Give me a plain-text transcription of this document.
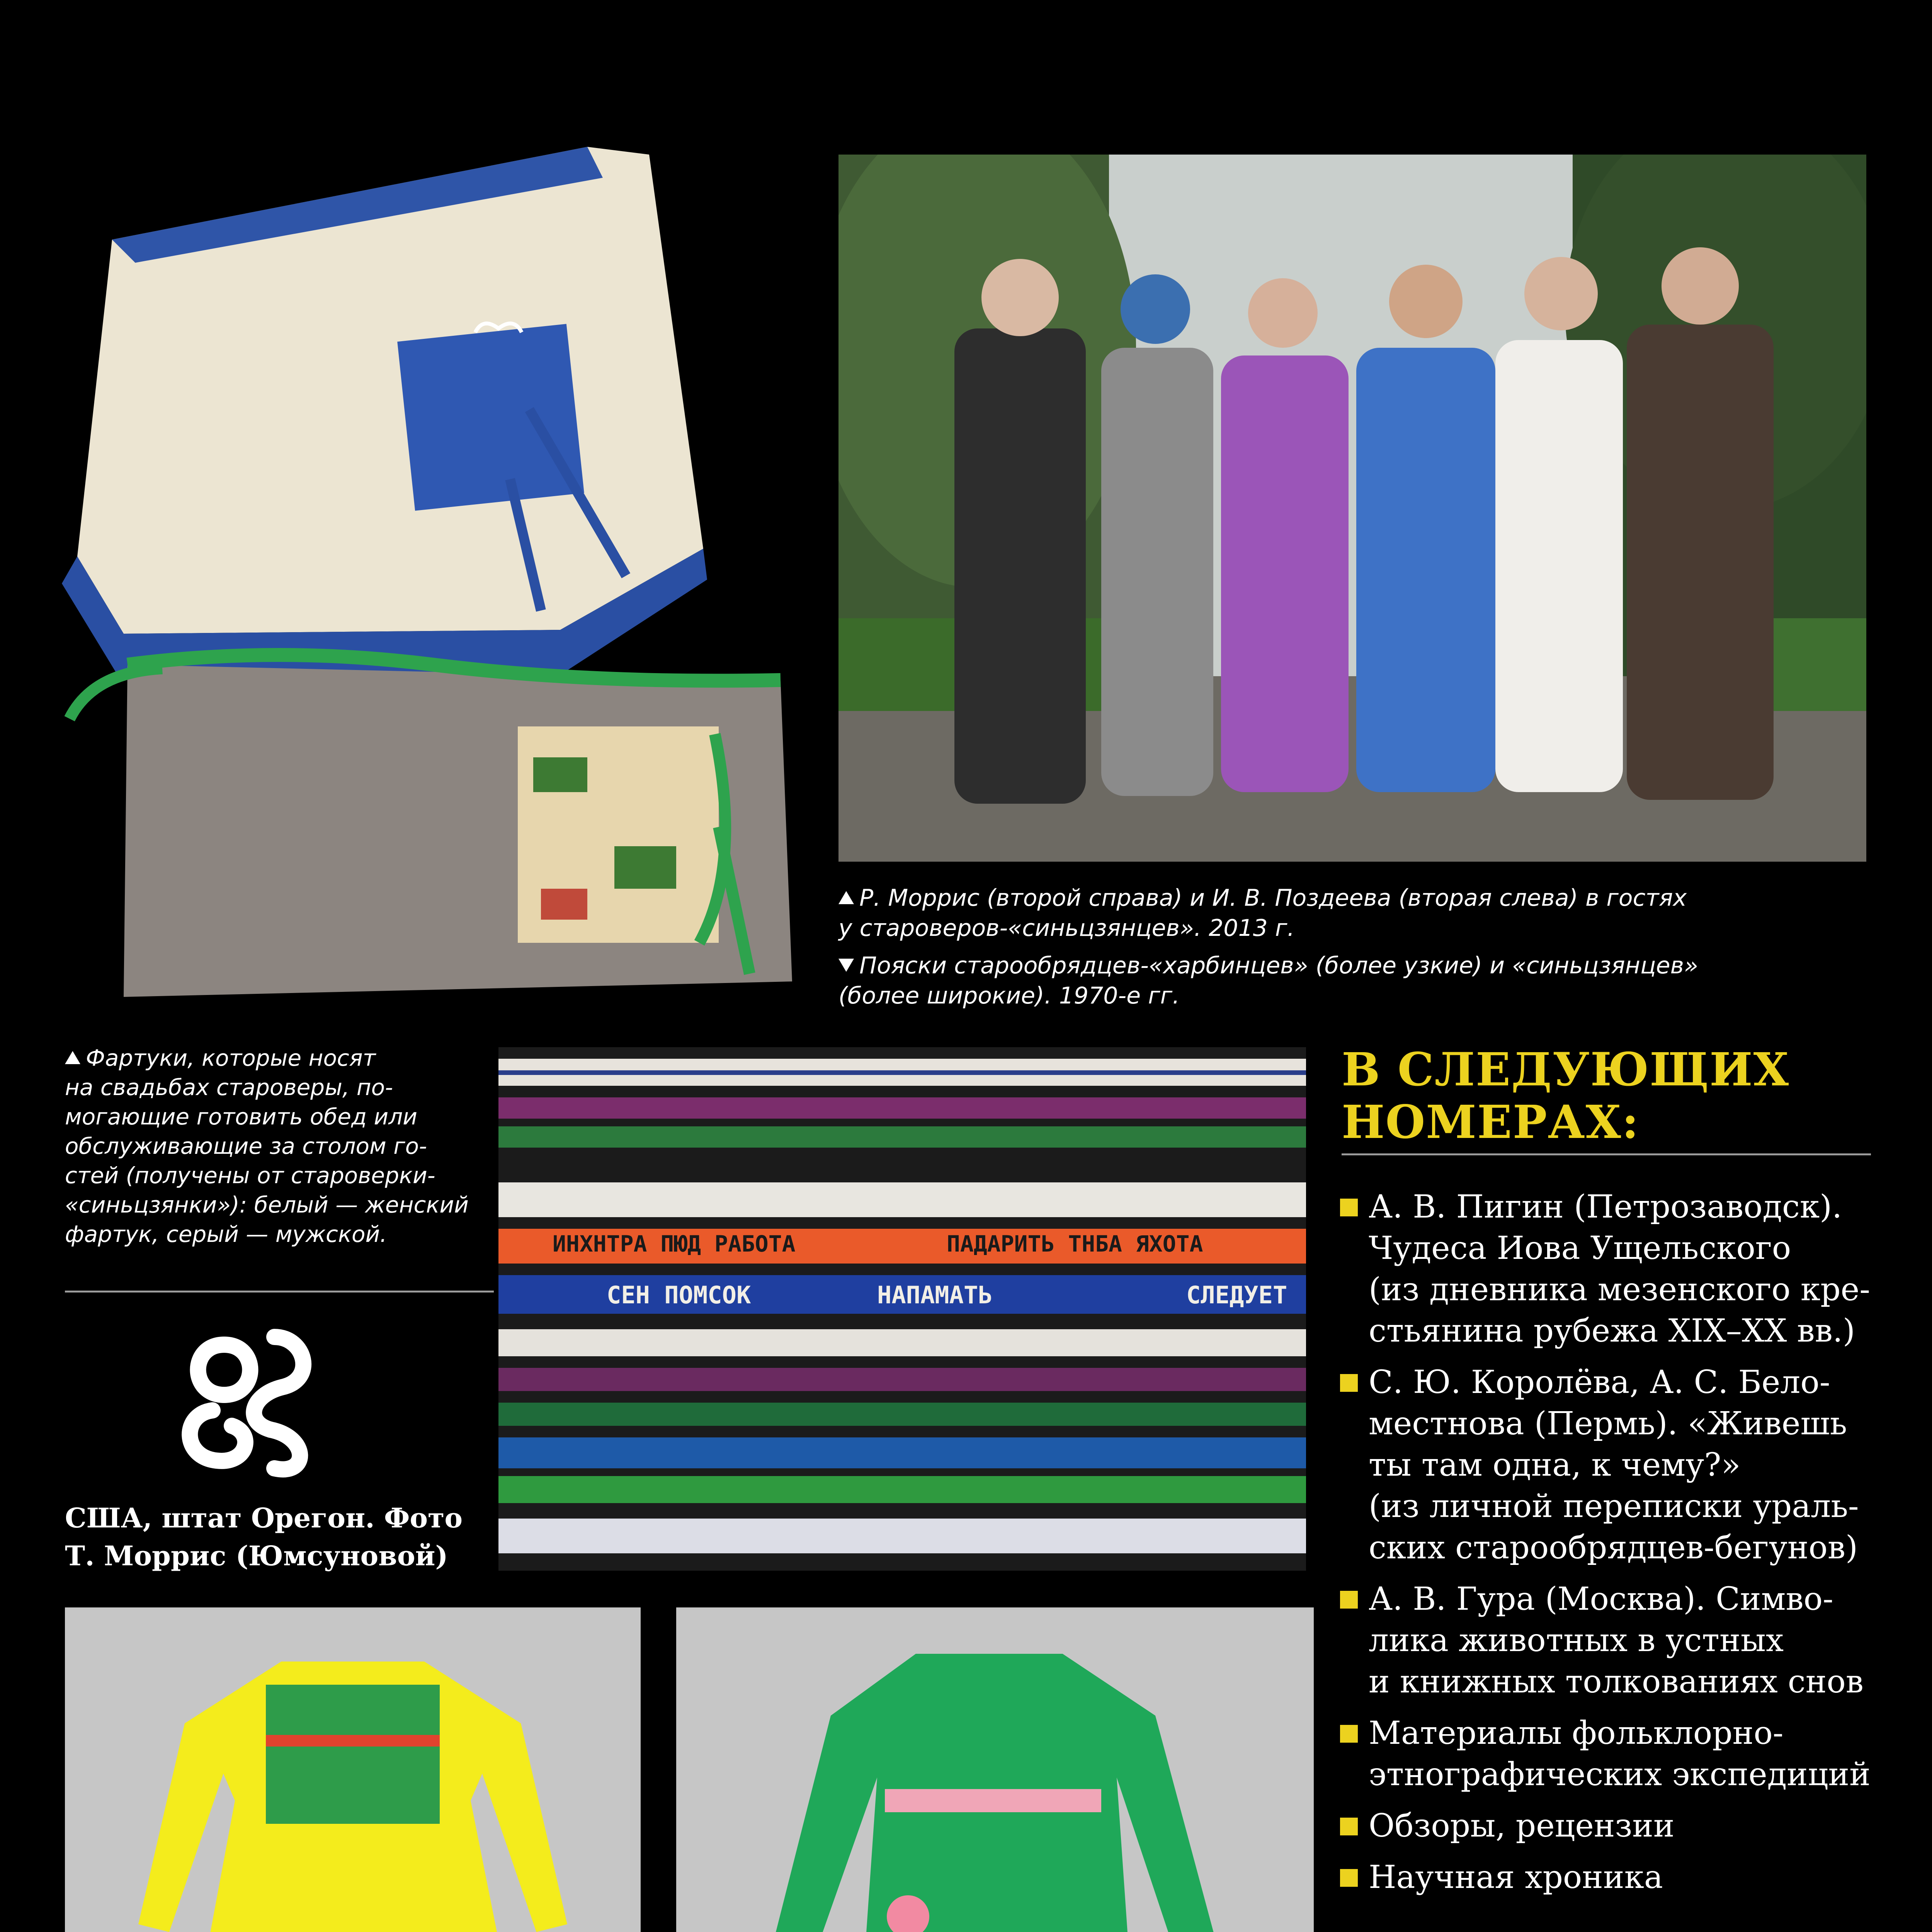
Р. Моррис (второй справа) и И. В. Поздеева (вторая слева) в гостях

у староверов-«синьцзянцев». 2013 г.

Пояски старообрядцев-«харбинцев» (более узкие) и «синьцзянцев»

(более широкие). 1970-е гг.

Фартуки, которые носят

на свадьбах староверы, по-

могающие готовить обед или

обслуживающие за столом го-

стей (получены от староверки-

«синьцзянки»): белый — женский

фартук, серый — мужской.

США, штат Орегон. Фото
Т. Моррис (Юмсуновой)
ИНХНТРА ПЮД РАБОТА	ПАДАРИТЬ ТНБА ЯХОТА
СЕН ПОМСОК	НАПАМАТЬ	СЛЕДУЕТ
В СЛЕДУЮЩИХ
НОМЕРАХ:
А. В. Пигин (Петрозаводск).
Чудеса Иова Ущельского
(из дневника мезенского кре-
стьянина рубежа XIX–XX вв.)
С. Ю. Королёва, А. С. Бело-
местнова (Пермь). «Живешь
ты там одна, к чему?»
(из личной переписки ураль-
ских старообрядцев-бегунов)
А. В. Гура (Москва). Симво-
лика животных в устных
и книжных толкованиях снов
Материалы фольклорно-
этнографических экспедиций
Обзоры, рецензии
Научная хроника
